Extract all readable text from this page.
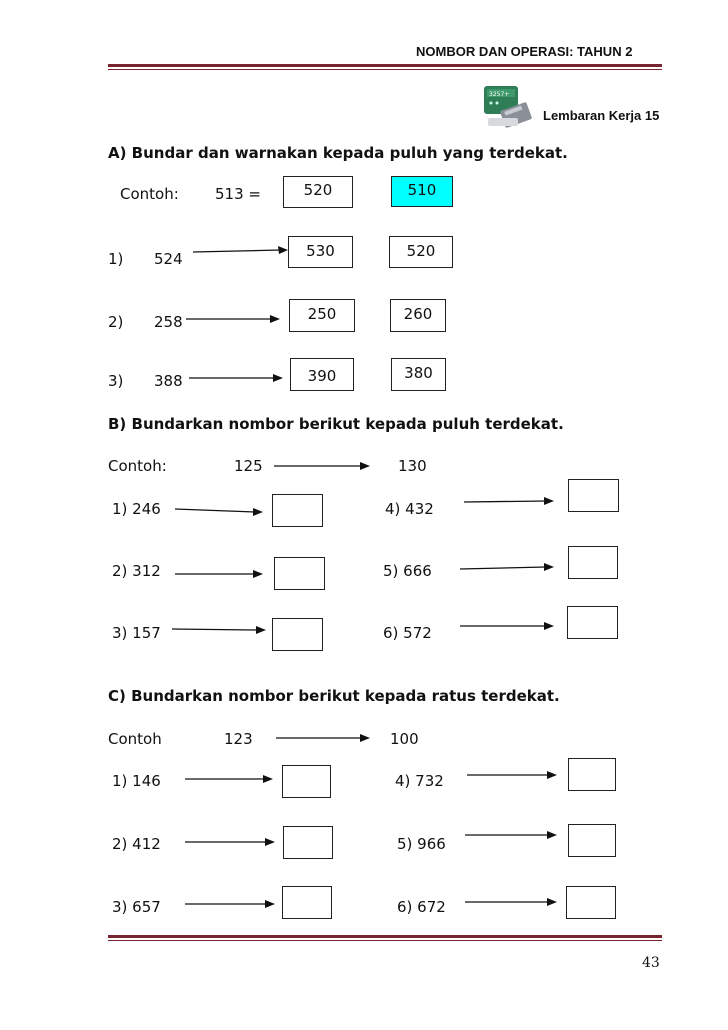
NOMBOR DAN OPERASI: TAHUN 2
3257+
Lembaran Kerja 15
A) Bundar dan warnakan kepada puluh yang terdekat.
Contoh: 513 =	520	510
1) 524	530	520
2) 258	250	260
3) 388	390	380
B) Bundarkan nombor berikut kepada puluh terdekat.
Contoh:	125	130
1) 246	4) 432
2) 312	5) 666
3) 157	6) 572
C) Bundarkan nombor berikut kepada ratus terdekat.
Contoh	123	100
1) 146	4) 732
2) 412	5) 966
3) 657	6) 672
43
